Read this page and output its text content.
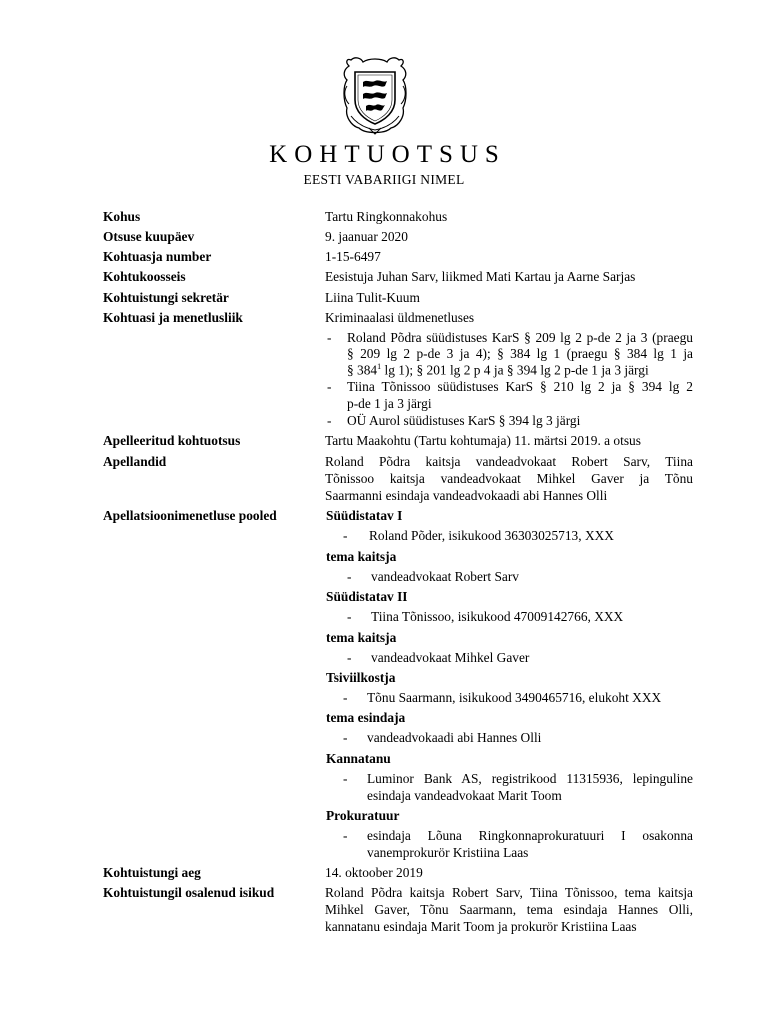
KOHTUOTSUS
EESTI VABARIIGI NIMEL
Kohus	Tartu Ringkonnakohus
Otsuse kuupäev	9. jaanuar 2020
Kohtuasja number	1-15-6497
Kohtukoosseis	Eesistuja Juhan Sarv, liikmed Mati Kartau ja Aarne Sarjas
Kohtuistungi sekretär	Liina Tulit-Kuum
Kohtuasi ja menetlusliik	Kriminaalasi üldmenetluses
- Roland Põdra süüdistuses KarS § 209 lg 2 p-de 2 ja 3 (praegu
§ 209 lg 2 p-de 3 ja 4); § 384 lg 1 (praegu § 384 lg 1 ja
§ $384^1$ lg 1); § 201 lg 2 p 4 ja § 394 lg 2 p-de 1 ja 3 järgi
- Tiina Tõnissoo süüdistuses KarS § 210 lg 2 ja § 394 lg 2
p-de 1 ja 3 järgi
- OÜ Aurol süüdistuses KarS § 394 lg 3 järgi
Apelleeritud kohtuotsus	Tartu Maakohtu (Tartu kohtumaja) 11. märtsi 2019. a otsus
Apellandid	Roland Põdra kaitsja vandeadvokaat Robert Sarv, Tiina
Tõnissoo kaitsja vandeadvokaat Mihkel Gaver ja Tõnu
Saarmanni esindaja vandeadvokaadi abi Hannes Olli
Apellatsioonimenetluse pooled	Süüdistatav I
- Roland Põder, isikukood 36303025713, XXX
tema kaitsja
- vandeadvokaat Robert Sarv
Süüdistatav II
- Tiina Tõnissoo, isikukood 47009142766, XXX
tema kaitsja
- vandeadvokaat Mihkel Gaver
Tsiviilkostja
- Tõnu Saarmann, isikukood 3490465716, elukoht XXX
tema esindaja
- vandeadvokaadi abi Hannes Olli
Kannatanu
- Luminor Bank AS, registrikood 11315936, lepinguline
esindaja vandeadvokaat Marit Toom
Prokuratuur
- esindaja Lõuna Ringkonnaprokuratuuri I osakonna
vanemprokurör Kristiina Laas
Kohtuistungi aeg	14. oktoober 2019
Kohtuistungil osalenud isikud	Roland Põdra kaitsja Robert Sarv, Tiina Tõnissoo, tema kaitsja
Mihkel Gaver, Tõnu Saarmann, tema esindaja Hannes Olli,
kannatanu esindaja Marit Toom ja prokurör Kristiina Laas
